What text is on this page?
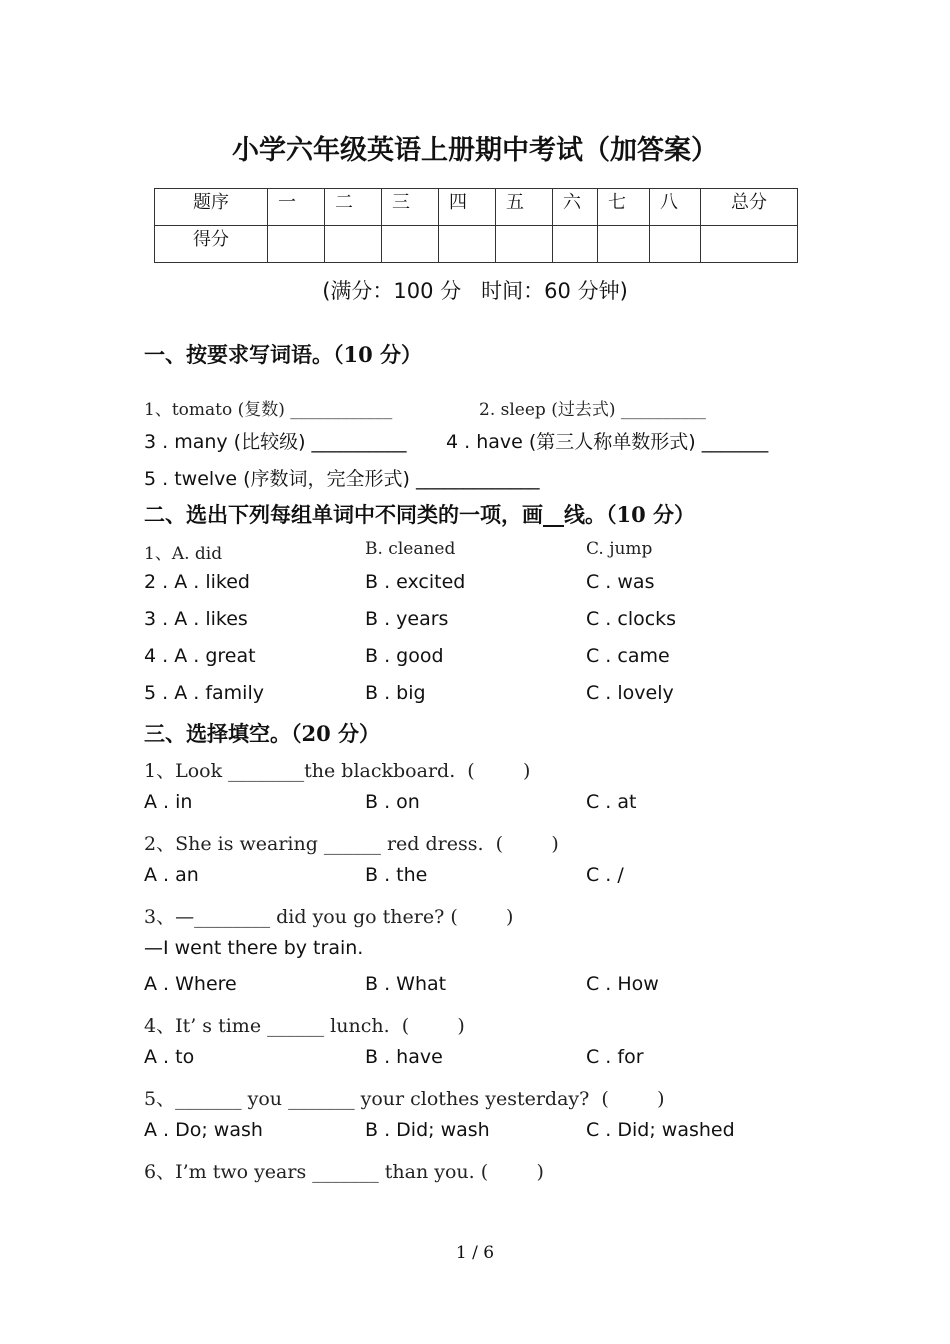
小学六年级英语上册期中考试（加答案）
题序	一	二	三	四	五	六	七	八	总分
得分									
(满分：100 分   时间：60 分钟)
一、按要求写词语。（10 分）
1、tomato (复数) ____________	2. sleep (过去式) __________
3 . many (比较级) __________ 4 . have (第三人称单数形式) _______
5 . twelve (序数词，完全形式) _____________
二、选出下列每组单词中不同类的一项，画__线。（10 分）
1、A. did	B. cleaned	C. jump
2 . A . liked	B . excited	C . was
3 . A . likes	B . years	C . clocks
4 . A . great	B . good	C . came
5 . A . family	B . big	C . lovely
三、选择填空。（20 分）
1、Look ________the blackboard.  (        )
A . in	B . on	C . at
2、She is wearing ______ red dress.  (        )
A . an	B . the	C . /
3、—________ did you go there? (        )
—I went there by train.
A . Where	B . What	C . How
4、It’ s time ______ lunch.  (        )
A . to	B . have	C . for
5、_______ you _______ your clothes yesterday?  (        )
A . Do; wash	B . Did; wash	C . Did; washed
6、I’m two years _______ than you. (        )
1 / 6
